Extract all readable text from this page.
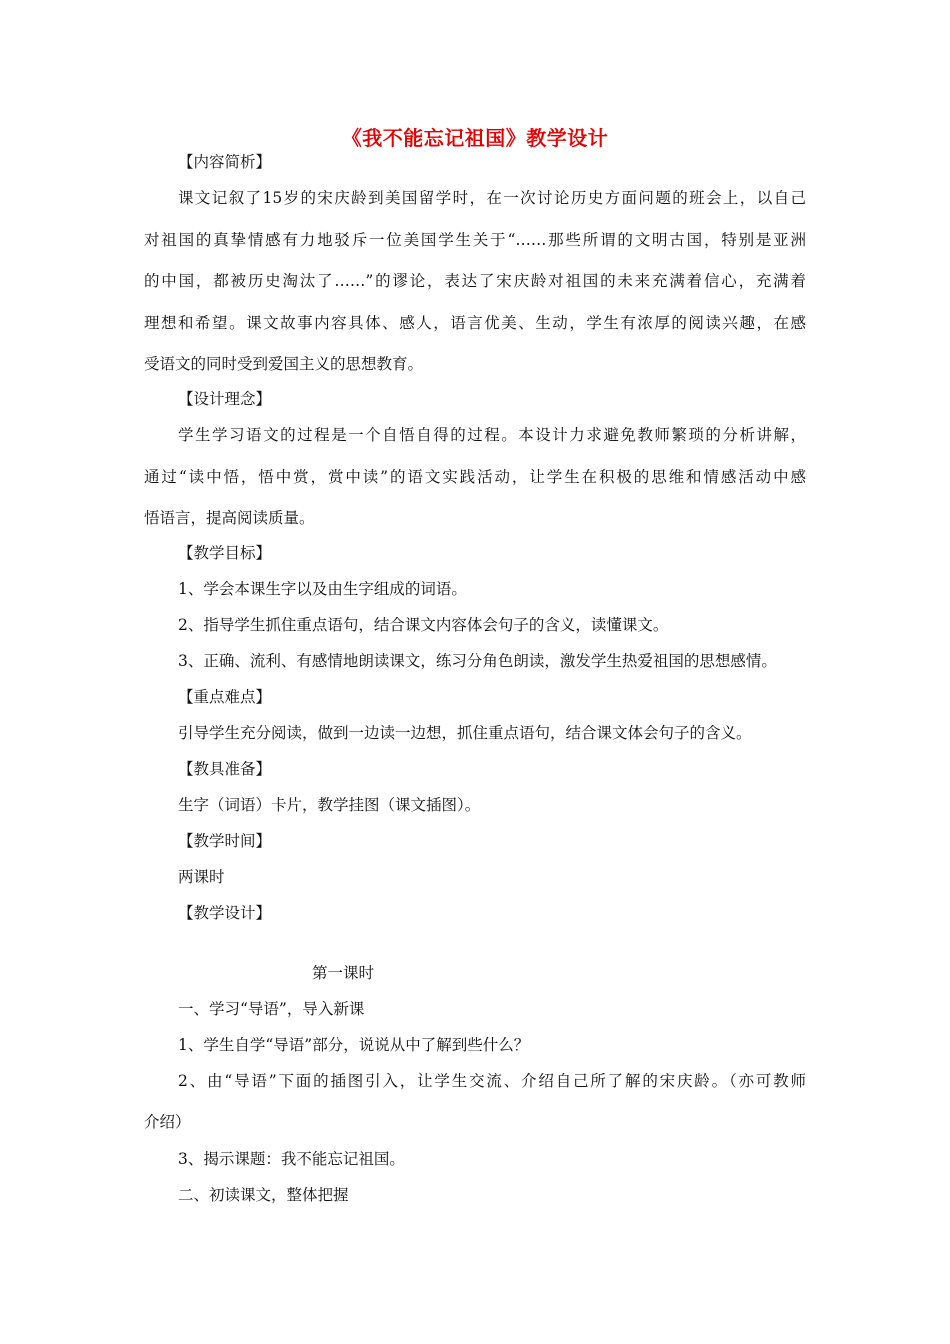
《我不能忘记祖国》教学设计
【内容简析】
课文记叙了15岁的宋庆龄到美国留学时，在一次讨论历史方面问题的班会上，以自己
对祖国的真挚情感有力地驳斥一位美国学生关于“……那些所谓的文明古国，特别是亚洲
的中国，都被历史淘汰了……”的谬论，表达了宋庆龄对祖国的未来充满着信心，充满着
理想和希望。课文故事内容具体、感人，语言优美、生动，学生有浓厚的阅读兴趣，在感
受语文的同时受到爱国主义的思想教育。
【设计理念】
学生学习语文的过程是一个自悟自得的过程。本设计力求避免教师繁琐的分析讲解，
通过“读中悟，悟中赏，赏中读”的语文实践活动，让学生在积极的思维和情感活动中感
悟语言，提高阅读质量。
【教学目标】
1、学会本课生字以及由生字组成的词语。
2、指导学生抓住重点语句，结合课文内容体会句子的含义，读懂课文。
3、正确、流利、有感情地朗读课文，练习分角色朗读，激发学生热爱祖国的思想感情。
【重点难点】
引导学生充分阅读，做到一边读一边想，抓住重点语句，结合课文体会句子的含义。
【教具准备】
生字（词语）卡片，教学挂图（课文插图）。
【教学时间】
两课时
【教学设计】
第一课时
一、学习“导语”，导入新课
1、学生自学“导语”部分，说说从中了解到些什么？
2、由“导语”下面的插图引入，让学生交流、介绍自己所了解的宋庆龄。（亦可教师
介绍）
3、揭示课题：我不能忘记祖国。
二、初读课文，整体把握
